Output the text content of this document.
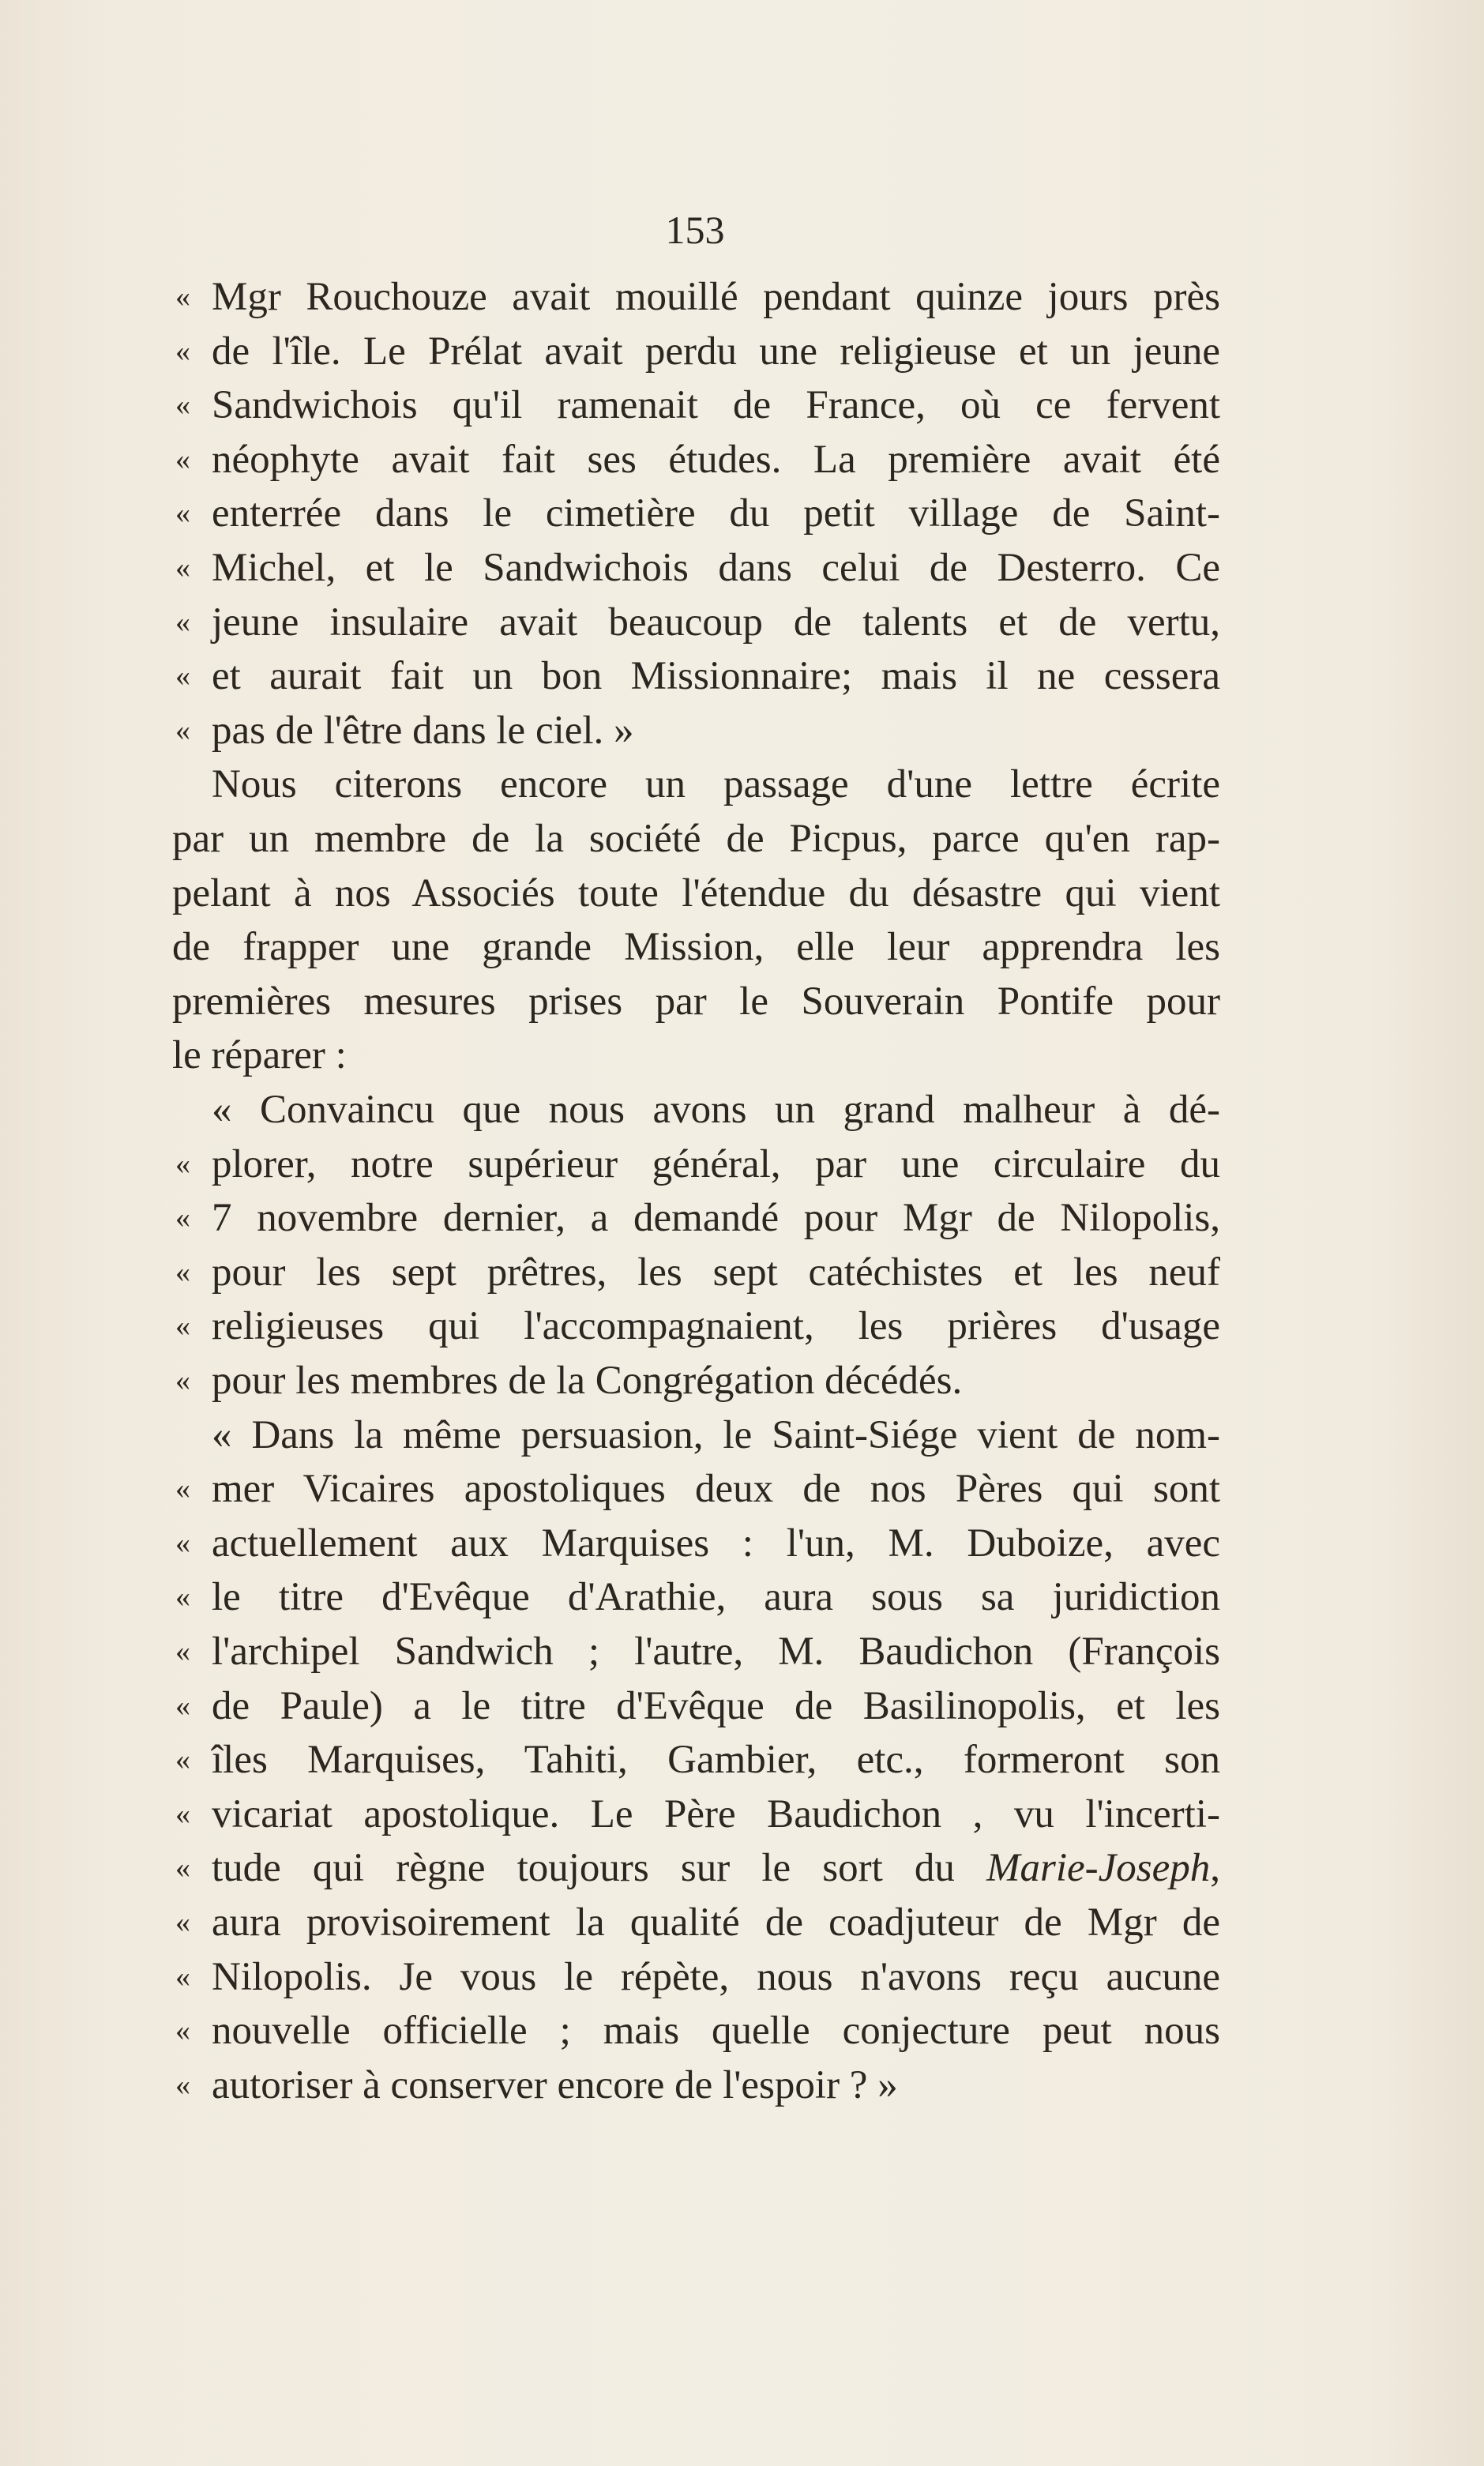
153
« Mgr Rouchouze avait mouillé pendant quinze jours près
« de l'île. Le Prélat avait perdu une religieuse et un jeune
« Sandwichois qu'il ramenait de France, où ce fervent
« néophyte avait fait ses études. La première avait été
« enterrée dans le cimetière du petit village de Saint-
« Michel, et le Sandwichois dans celui de Desterro. Ce
« jeune insulaire avait beaucoup de talents et de vertu,
« et aurait fait un bon Missionnaire; mais il ne cessera
« pas de l'être dans le ciel. »
Nous citerons encore un passage d'une lettre écrite
par un membre de la société de Picpus, parce qu'en rap-
pelant à nos Associés toute l'étendue du désastre qui vient
de frapper une grande Mission, elle leur apprendra les
premières mesures prises par le Souverain Pontife pour
le réparer :
« Convaincu que nous avons un grand malheur à dé-
« plorer, notre supérieur général, par une circulaire du
« 7 novembre dernier, a demandé pour Mgr de Nilopolis,
« pour les sept prêtres, les sept catéchistes et les neuf
« religieuses qui l'accompagnaient, les prières d'usage
« pour les membres de la Congrégation décédés.
« Dans la même persuasion, le Saint-Siége vient de nom-
« mer Vicaires apostoliques deux de nos Pères qui sont
« actuellement aux Marquises : l'un, M. Duboize, avec
« le titre d'Evêque d'Arathie, aura sous sa juridiction
« l'archipel Sandwich ; l'autre, M. Baudichon (François
« de Paule) a le titre d'Evêque de Basilinopolis, et les
« îles Marquises, Tahiti, Gambier, etc., formeront son
« vicariat apostolique. Le Père Baudichon , vu l'incerti-
« tude qui règne toujours sur le sort du Marie-Joseph,
« aura provisoirement la qualité de coadjuteur de Mgr de
« Nilopolis. Je vous le répète, nous n'avons reçu aucune
« nouvelle officielle ; mais quelle conjecture peut nous
« autoriser à conserver encore de l'espoir ? »
